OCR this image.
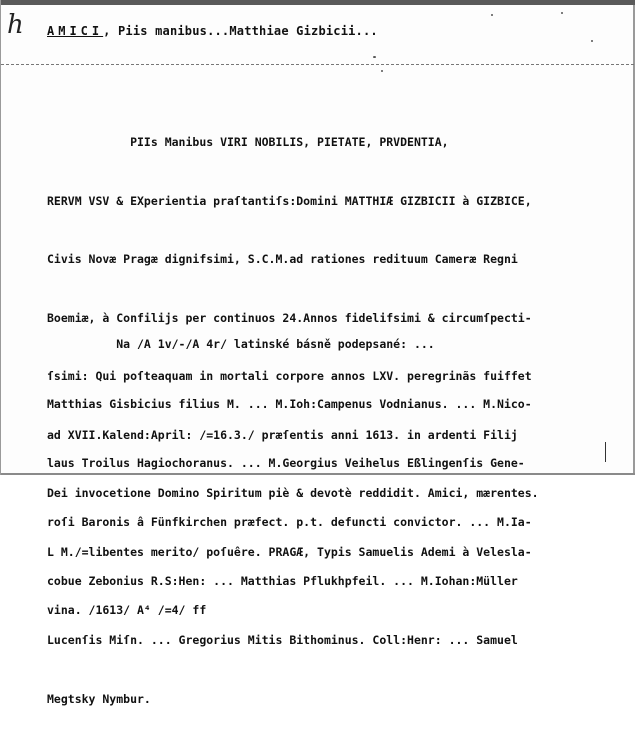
h AMICI, Piis manibus...Matthiae Gizbicii...

PIIs Manibus VIRI NOBILIS, PIETATE, PRVDENTIA,

RERVM VSV & EXperientia praſtantiſs:Domini MATTHIÆ GIZBICII à GIZBICE,

Civis Novæ Pragæ dignifsimi, S.C.M.ad rationes redituum Cameræ Regni

Boemiæ, à Confilijs per continuos 24.Annos fidelifsimi & circumſpecti-

ſsimi: Qui poſteaquam in mortali corpore annos LXV. peregrinãs fuiffet

ad XVII.Kalend:April: /=16.3./ præſentis anni 1613. in ardenti Filij

Dei invocetione Domino Spiritum piè & devotè reddidit. Amici, mærentes.

L M./=libentes merito/ poſuêre. PRAGÆ, Typis Samuelis Ademi à Veleslа-

vina. /1613/ A⁴ /=4/ ff

Na /A 1v/-/A 4r/ latinské básně podepsané: ...

Matthias Gisbicius filius M. ... M.Ioh:Campenus Vodnianus. ... M.Nico-

laus Troilus Hagiochoranus. ... M.Georgius Veihelus Eßlingenſis Gene-

roſi Baronis â Fünfkirchen præfect. p.t. defuncti convictor. ... M.Ia-

cobue Zebonius R.S:Hen: ... Matthias Pflukhpfeil. ... M.Iohan:Müller

Lucenſis Miſn. ... Gregorius Mitis Bithominus. Coll:Henr: ... Samuel

Megtsky Nymbur.
